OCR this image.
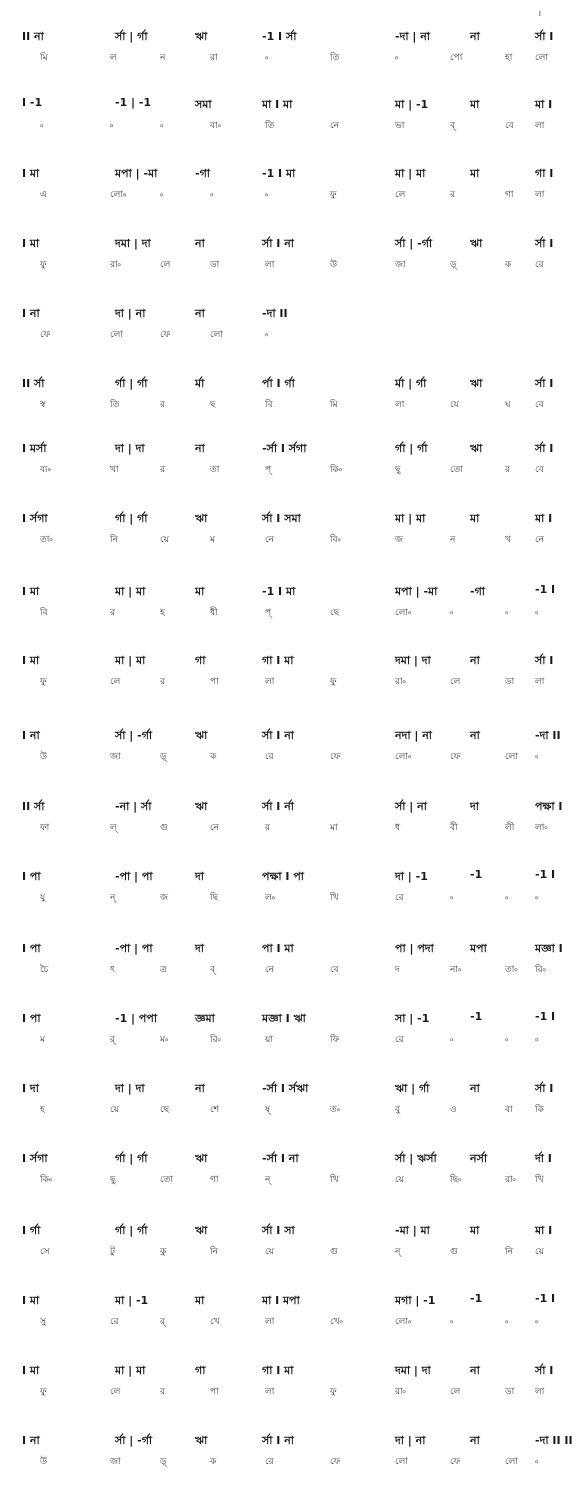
।
II না	র্সা | র্গা	ঋা	-1 I র্সা	-দা | না	না	র্সা I
মি	ল	ন	রা	৹	তি	৹	পো	হা	লো
I -1	-1 | -1	সমা	মা I মা	মা | -1	মা	মা I
৹	৹	৹	বা৹	তি	নে	ভা	ব্	বে লা
I মা	মপা | -মা	-গা	-1 I মা	মা | মা	মা	গা I
এ	লো৹	৹	৹	৹	ফু	লে	র	গা লা
I মা	দমা | দা	না	র্সা I না	র্সা | -র্গা	ঋা	র্সা I
ফু	রা৹	লে	ডা	লা	উ	জা	ড়্	ক	রে
I না	দা | না	না	-দা II
ফে	লো	ফে	লো	৹
II র্সা	র্গা | র্গা	র্মা	র্পা I র্গা	র্মা | র্গা	ঋা	র্সা I
স্ব	তি	র	ছ	বি	মি	লা	যে	ঘ	বে
I মর্সা	দা | দা	না	-র্সা I র্সগা	র্গা | র্গা	ঋা	র্সা I
ব্য৹	খা	র	তা	প্	কি৹	ছু	তো	র	বে
I র্সগা	র্গা | র্গা	ঋা	র্সা I সমা	মা | মা	মা	মা I
তা৹	নি	য়ে	ম	নে	বি৹	জ	ন	খ	নে
I মা	মা | মা	মা	-1 I মা	মপা | -মা	-গা	-1 I
বি	র	হ	ধী	প্	ছে	লো৹	৹	৹	৹
I মা	মা | মা	গা	গা I মা	দমা | দা	না	র্সা I
ফু	লে	র	পা	লা	ফু	রা৹	লে	ডা লা
I না	র্সা | -র্গা	ঋা	র্সা I না	নদা | না	না	-দা II
উ	জা	ড়্	ক	রে	ফে	লো৹	ফে	লো ৹
II র্সা	-না | র্সা	ঋা	র্সা I র্না	র্সা | না	দা	পক্ষা I
ফা	ল্	গু	নে	র	মা	ধ	বী	লী লা৹
I পা	-পা | পা	দা	পক্ষা I পা	দা | -1	-1	-1 I
যু	ন্	জ	ছি	ল৹	খি	রে	৹	৹	৹
I পা	-পা | পা	দা	পা I মা	পা | পদা	মপা	মজ্ঞা I
চৈ	ৎ	ত্র	ব্	নে	বে	দ	না৹	তা৹ রি৹
I পা	-1 | পপা	জ্ঞমা	মজ্ঞা I ঋা	সা | -1	-1	-1 I
ম	র্	ম৹	রি৹	য়া	ফি	রে	৹	৹	৹
I দা	দা | দা	না	-র্সা I র্সঋা	ঋা | র্গা	না	র্সা I
হ	য়ে	ছে	শে	ষ্	ত৹	বু	ও	বা কি
I র্সগা	র্গা | র্গা	ঋা	-র্সা I না	র্সা | ঋর্সা	নর্সা	র্দা I
কি৹	ছু	তো	গা	ন্	খি	য়ে	ছি৹	রা৹ খি
I র্গা	র্গা | র্গা	ঋা	র্সা I সা	-মা | মা	মা	মা I
সে	টু	কু	নি	য়ে	গু	ন্	গু	নি য়ে
I মা	মা | -1	মা	মা I মপা	মগা | -1	-1	-1 I
সু	রে	র্	খে	লা	খে৹	লো৹	৹	৹	৹
I মা	মা | মা	গা	গা I মা	দমা | দা	না	র্সা I
ফু	লে	র	পা	লা	ফু	রা৹	লে	ডা লা
I না	র্সা | -র্গা	ঋা	র্সা I না	দা | না	না	-দা II II
উ	জা	ড়্	ক	রে	ফে	লো	ফে	লো ৹
